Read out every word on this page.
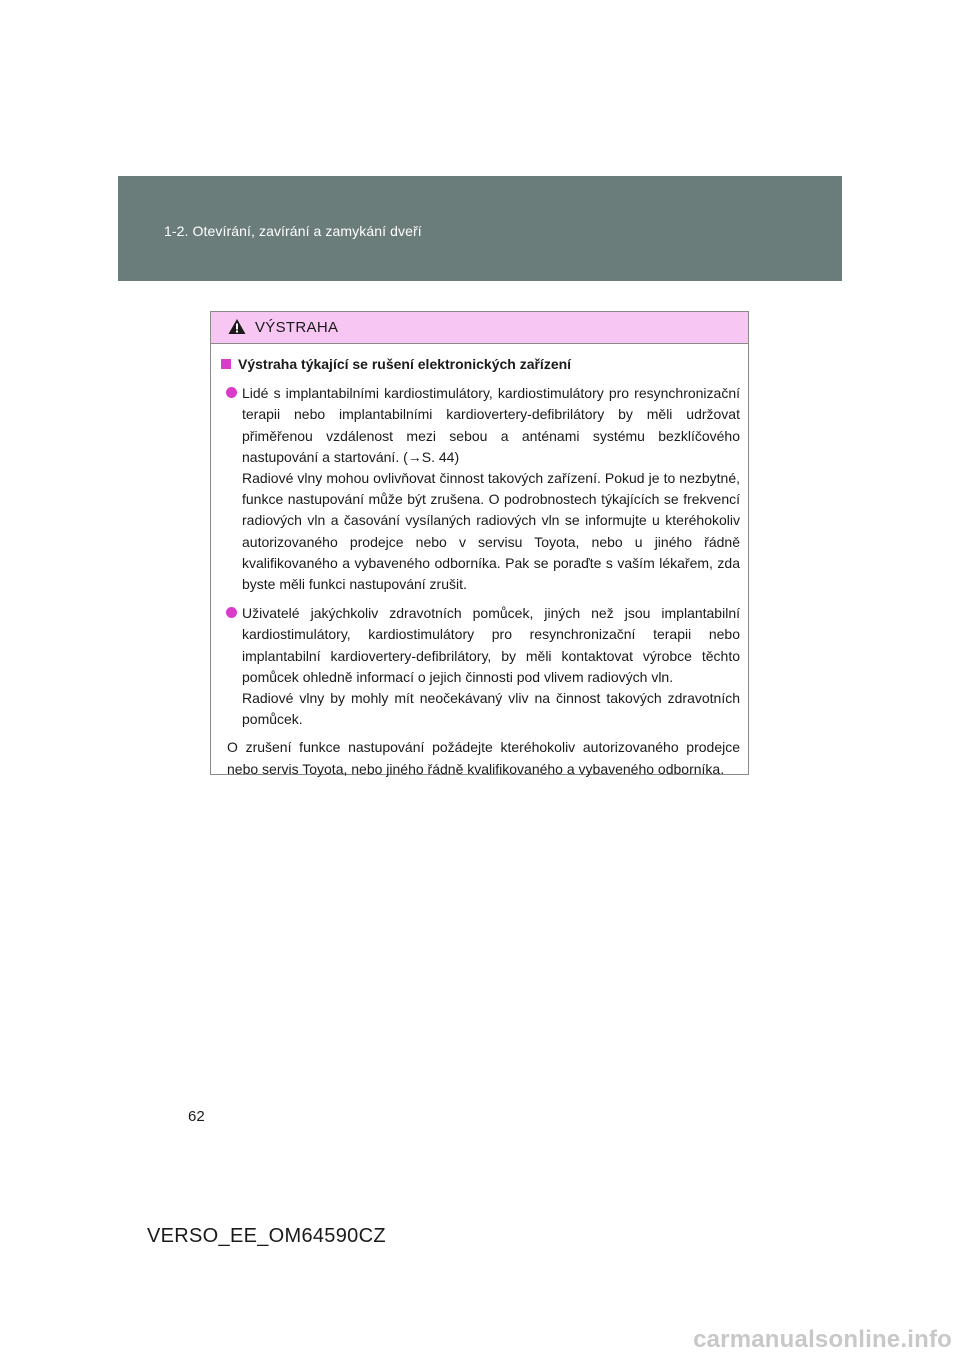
1-2. Otevírání, zavírání a zamykání dveří
VÝSTRAHA
Výstraha týkající se rušení elektronických zařízení
Lidé s implantabilními kardiostimulátory, kardiostimulátory pro resynchronizační terapii nebo implantabilními kardiovertery-defibrilátory by měli udržovat přiměřenou vzdálenost mezi sebou a anténami systému bezklíčového nastupování a startování. (→S. 44)
Radiové vlny mohou ovlivňovat činnost takových zařízení. Pokud je to nezbytné, funkce nastupování může být zrušena. O podrobnostech týkajících se frekvencí radiových vln a časování vysílaných radiových vln se informujte u kteréhokoliv autorizovaného prodejce nebo v servisu Toyota, nebo u jiného řádně kvalifikovaného a vybaveného odborníka. Pak se poraďte s vaším lékařem, zda byste měli funkci nastupování zrušit.
Uživatelé jakýchkoliv zdravotních pomůcek, jiných než jsou implantabilní kardiostimulátory, kardiostimulátory pro resynchronizační terapii nebo implantabilní kardiovertery-defibrilátory, by měli kontaktovat výrobce těchto pomůcek ohledně informací o jejich činnosti pod vlivem radiových vln.
Radiové vlny by mohly mít neočekávaný vliv na činnost takových zdravotních pomůcek.
O zrušení funkce nastupování požádejte kteréhokoliv autorizovaného prodejce nebo servis Toyota, nebo jiného řádně kvalifikovaného a vybaveného odborníka.
62
VERSO_EE_OM64590CZ
carmanualsonline.info
